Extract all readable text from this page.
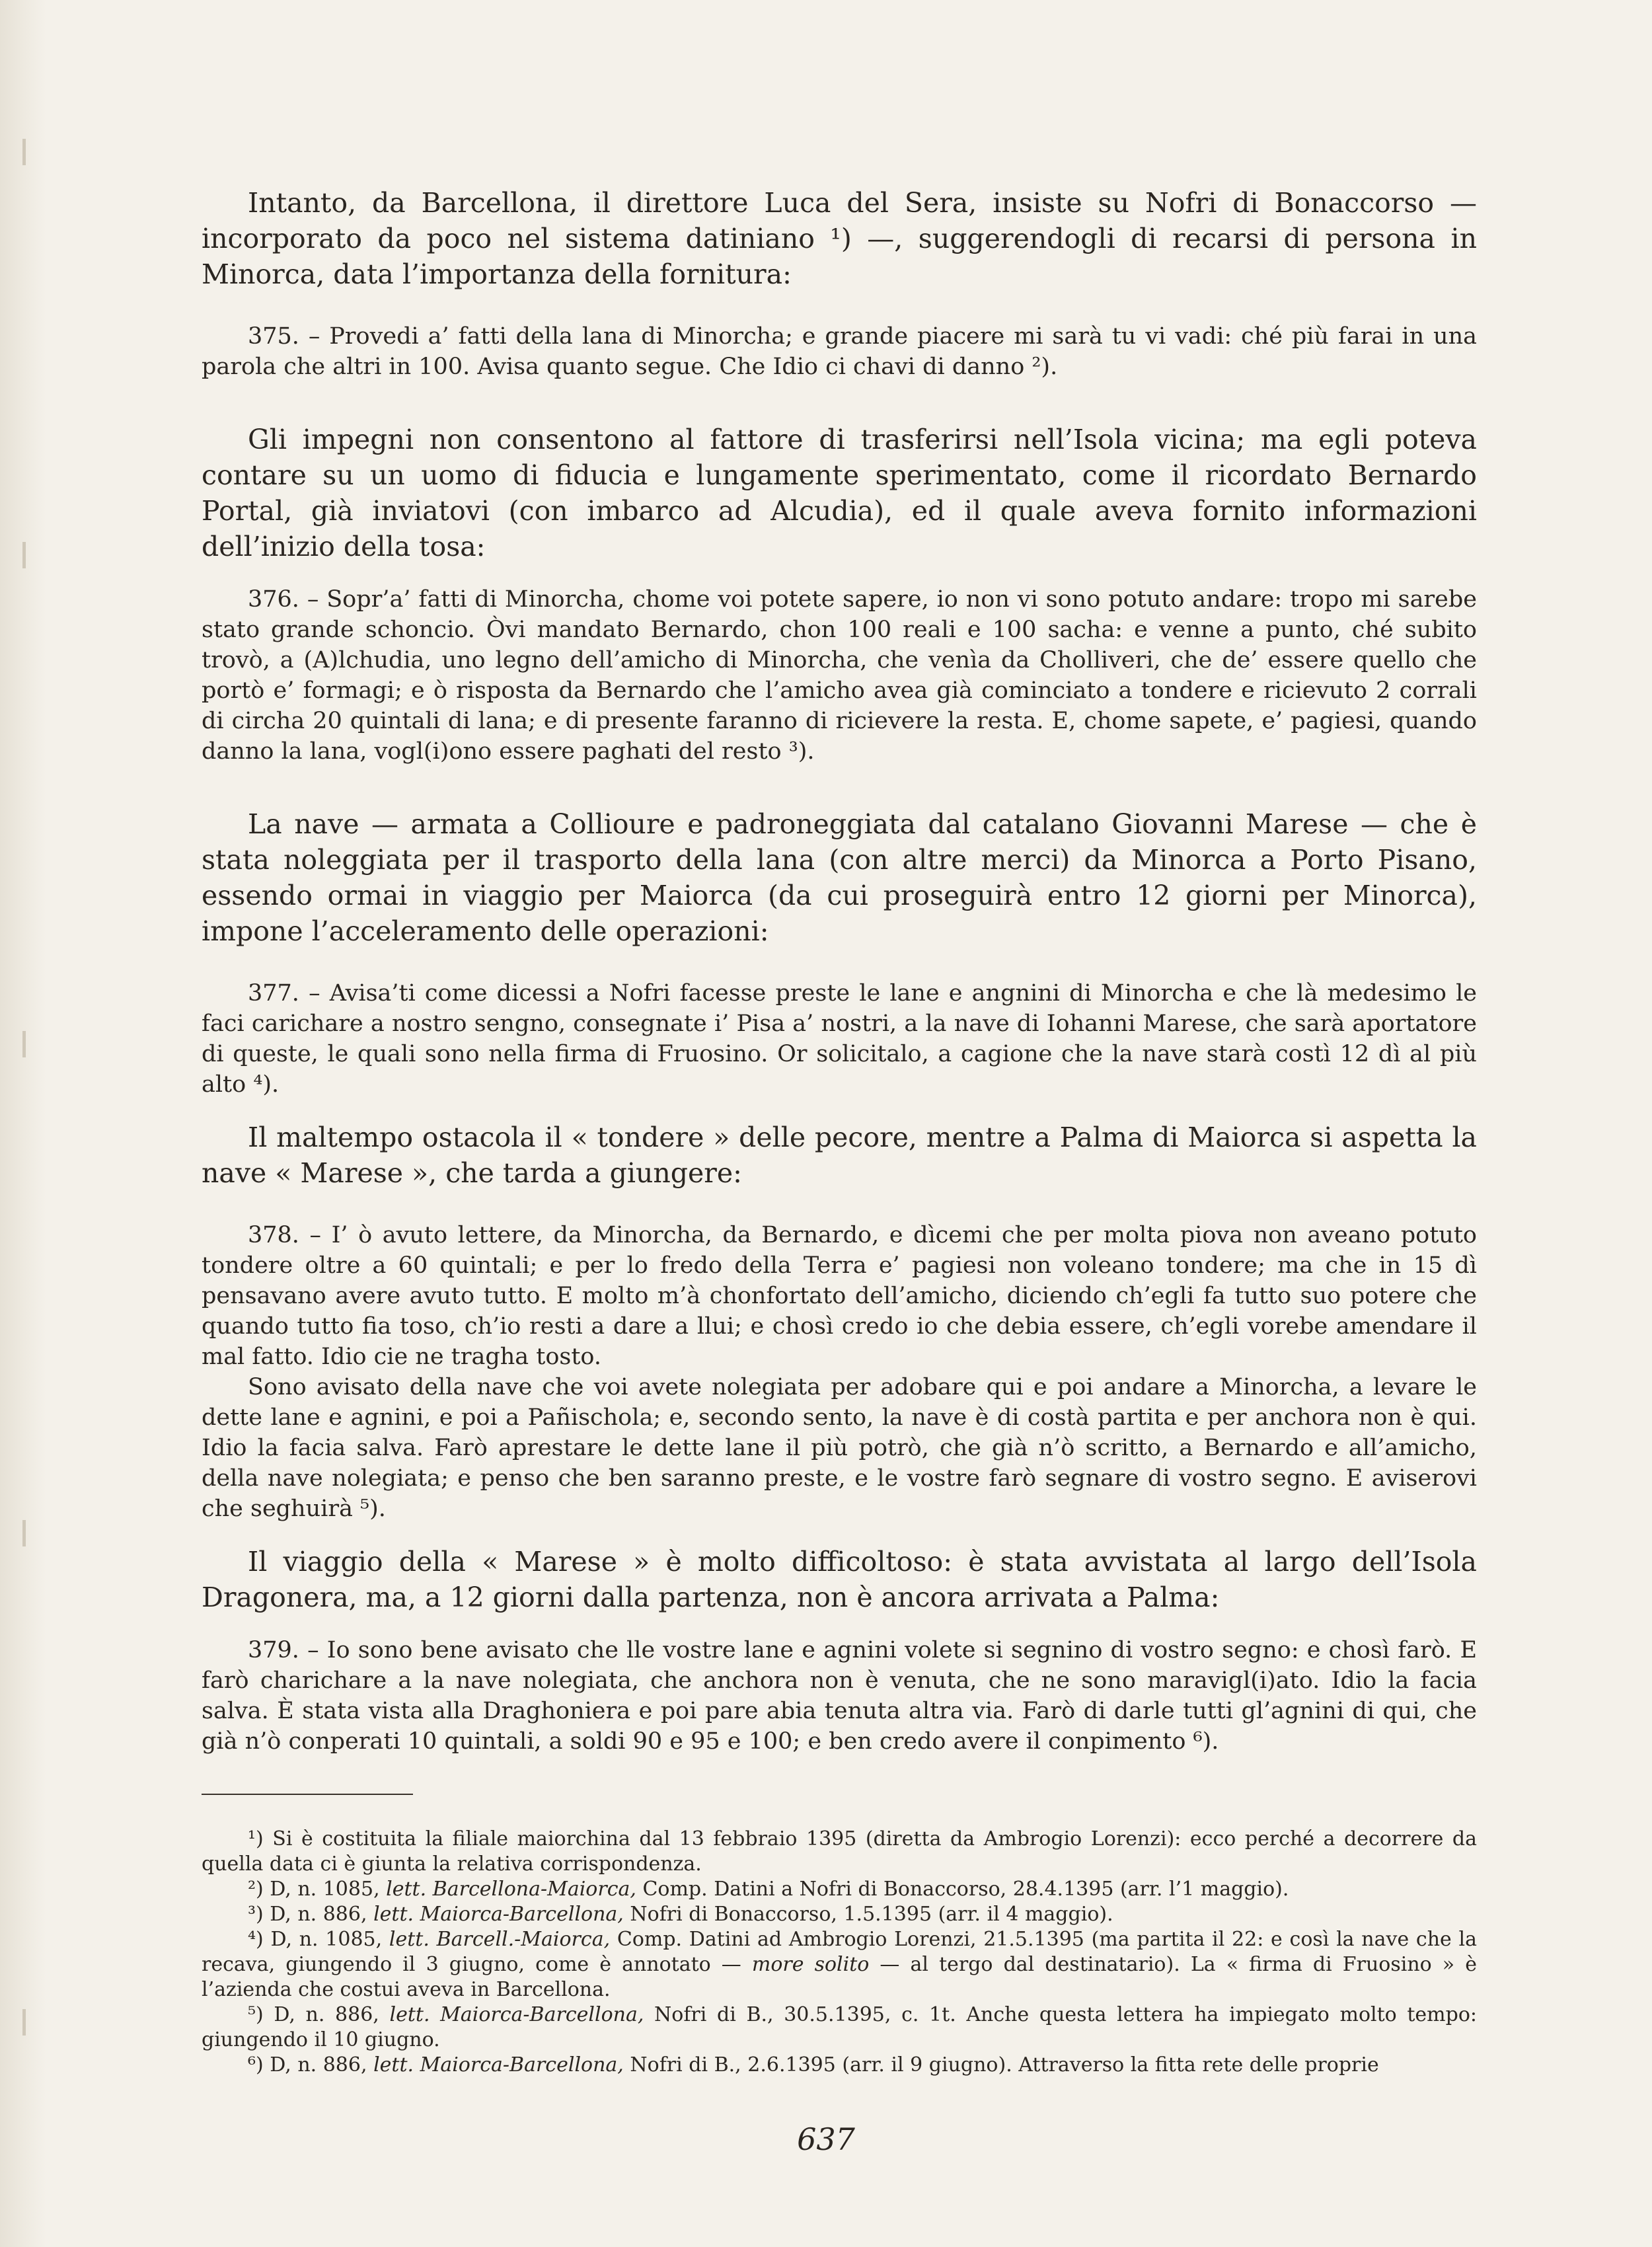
Intanto, da Barcellona, il direttore Luca del Sera, insiste su Nofri di Bonaccorso — incorporato da poco nel sistema datiniano ¹) —, suggerendogli di recarsi di persona in Minorca, data l’importanza della fornitura:

375. – Provedi a’ fatti della lana di Minorcha; e grande piacere mi sarà tu vi vadi: ché più farai in una parola che altri in 100. Avisa quanto segue. Che Idio ci chavi di danno ²).

Gli impegni non consentono al fattore di trasferirsi nell’Isola vicina; ma egli poteva contare su un uomo di fiducia e lungamente sperimentato, come il ricordato Bernardo Portal, già inviatovi (con imbarco ad Alcudia), ed il quale aveva fornito informazioni dell’inizio della tosa:

376. – Sopr’a’ fatti di Minorcha, chome voi potete sapere, io non vi sono potuto andare: tropo mi sarebe stato grande schoncio. Òvi mandato Bernardo, chon 100 reali e 100 sacha: e venne a punto, ché subito trovò, a (A)lchudia, uno legno dell’amicho di Minorcha, che venìa da Cholliveri, che de’ essere quello che portò e’ formagi; e ò risposta da Bernardo che l’amicho avea già cominciato a tondere e ricievuto 2 corrali di circha 20 quintali di lana; e di presente faranno di ricievere la resta. E, chome sapete, e’ pagiesi, quando danno la lana, vogl(i)ono essere paghati del resto ³).

La nave — armata a Collioure e padroneggiata dal catalano Giovanni Marese — che è stata noleggiata per il trasporto della lana (con altre merci) da Minorca a Porto Pisano, essendo ormai in viaggio per Maiorca (da cui proseguirà entro 12 giorni per Minorca), impone l’acceleramento delle operazioni:

377. – Avisa’ti come dicessi a Nofri facesse preste le lane e angnini di Minorcha e che là medesimo le faci carichare a nostro sengno, consegnate i’ Pisa a’ nostri, a la nave di Iohanni Marese, che sarà aportatore di queste, le quali sono nella firma di Fruosino. Or solicitalo, a cagione che la nave starà costì 12 dì al più alto ⁴).

Il maltempo ostacola il « tondere » delle pecore, mentre a Palma di Maiorca si aspetta la nave « Marese », che tarda a giungere:

378. – I’ ò avuto lettere, da Minorcha, da Bernardo, e dìcemi che per molta piova non aveano potuto tondere oltre a 60 quintali; e per lo fredo della Terra e’ pagiesi non voleano tondere; ma che in 15 dì pensavano avere avuto tutto. E molto m’à chonfortato dell’amicho, diciendo ch’egli fa tutto suo potere che quando tutto fia toso, ch’io resti a dare a llui; e chosì credo io che debia essere, ch’egli vorebe amendare il mal fatto. Idio cie ne tragha tosto.

Sono avisato della nave che voi avete nolegiata per adobare qui e poi andare a Minorcha, a levare le dette lane e agnini, e poi a Pañischola; e, secondo sento, la nave è di costà partita e per anchora non è qui. Idio la facia salva. Farò aprestare le dette lane il più potrò, che già n’ò scritto, a Bernardo e all’amicho, della nave nolegiata; e penso che ben saranno preste, e le vostre farò segnare di vostro segno. E aviserovi che seghuirà ⁵).

Il viaggio della « Marese » è molto difficoltoso: è stata avvistata al largo dell’Isola Dragonera, ma, a 12 giorni dalla partenza, non è ancora arrivata a Palma:

379. – Io sono bene avisato che lle vostre lane e agnini volete si segnino di vostro segno: e chosì farò. E farò charichare a la nave nolegiata, che anchora non è venuta, che ne sono maravigl(i)ato. Idio la facia salva. È stata vista alla Draghoniera e poi pare abia tenuta altra via. Farò di darle tutti gl’agnini di qui, che già n’ò conperati 10 quintali, a soldi 90 e 95 e 100; e ben credo avere il conpimento ⁶).

¹) Si è costituita la filiale maiorchina dal 13 febbraio 1395 (diretta da Ambrogio Lorenzi): ecco perché a decorrere da quella data ci è giunta la relativa corrispondenza.

²) D, n. 1085, lett. Barcellona-Maiorca, Comp. Datini a Nofri di Bonaccorso, 28.4.1395 (arr. l’1 maggio).

³) D, n. 886, lett. Maiorca-Barcellona, Nofri di Bonaccorso, 1.5.1395 (arr. il 4 maggio).

⁴) D, n. 1085, lett. Barcell.-Maiorca, Comp. Datini ad Ambrogio Lorenzi, 21.5.1395 (ma partita il 22: e così la nave che la recava, giungendo il 3 giugno, come è annotato — more solito — al tergo dal destinatario). La « firma di Fruosino » è l’azienda che costui aveva in Barcellona.

⁵) D, n. 886, lett. Maiorca-Barcellona, Nofri di B., 30.5.1395, c. 1t. Anche questa lettera ha impiegato molto tempo: giungendo il 10 giugno.

⁶) D, n. 886, lett. Maiorca-Barcellona, Nofri di B., 2.6.1395 (arr. il 9 giugno). Attraverso la fitta rete delle proprie

637
